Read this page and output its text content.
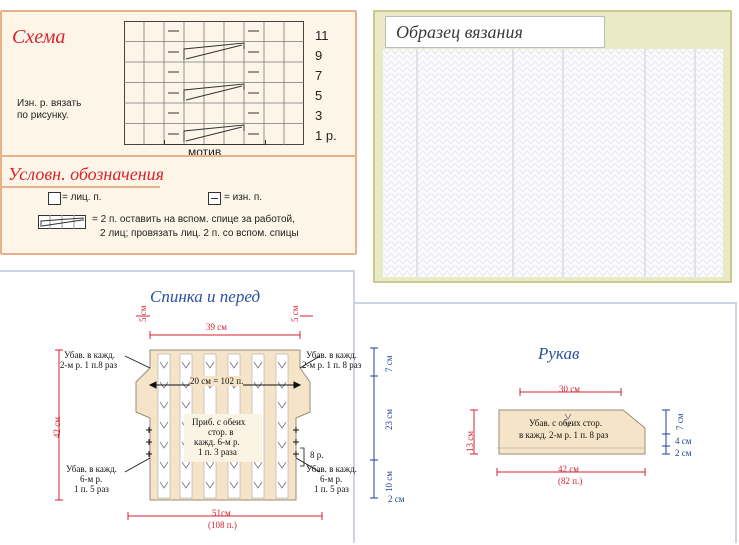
Схема
мотив
11
9
7
5
3
1 р.
Изн. р. вязать
по рисунку.
Условн. обозначения
= лиц. п.	= изн. п.
= 2 п. оставить на вспом. спице за работой,
2 лиц; провязать лиц. 2 п. со вспом. спицы
Образец вязания
Спинка и перед
39 см
5 см	5 см
42 см
Убав. в кажд.
2-м р. 1 п.8 раз
Убав. в кажд.
2-м р. 1 п. 8 раз
20 см = 102 п.
Приб. с обеих
стор. в
кажд. 6-м р.
1 п. 3 раза	8 р.
Убав. в кажд.
6-м р.
1 п. 5 раз
Убав. в кажд.
6-м р.
1 п. 5 раз
51см
(108 п.)
7 см
23 см
10 см
2 см
Рукав
30 см
13 см
Убав. с обеих стор.
в кажд. 2-м р. 1 п. 8 раз
7 см
4 см
2 см
42 см
(82 п.)
